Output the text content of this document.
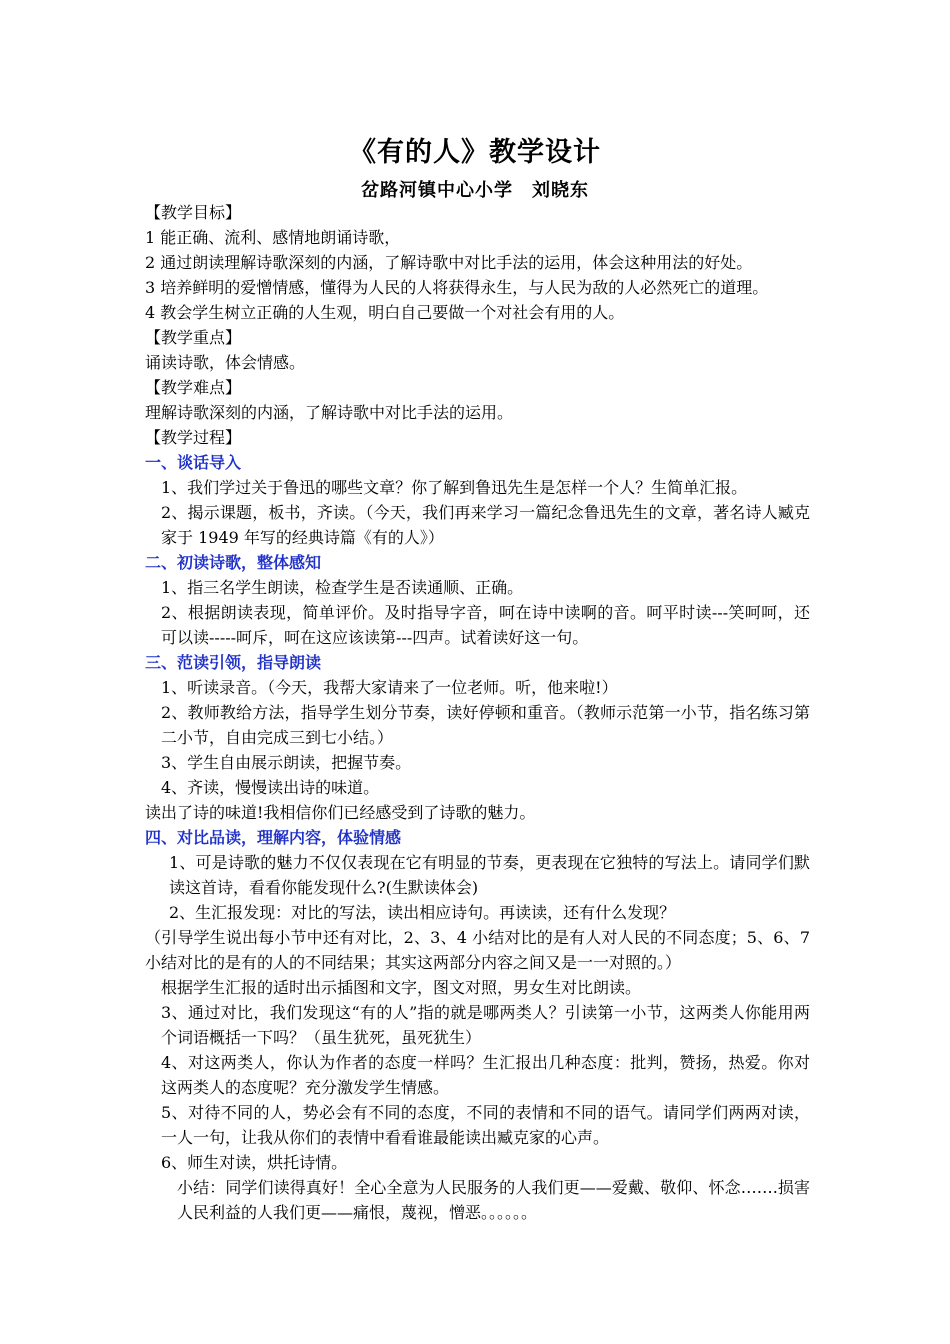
《有的人》教学设计
岔路河镇中心小学　刘晓东
【教学目标】
1 能正确、流利、感情地朗诵诗歌，
2 通过朗读理解诗歌深刻的内涵，了解诗歌中对比手法的运用，体会这种用法的好处。
3 培养鲜明的爱憎情感，懂得为人民的人将获得永生，与人民为敌的人必然死亡的道理。
4 教会学生树立正确的人生观，明白自己要做一个对社会有用的人。
【教学重点】
诵读诗歌，体会情感。
【教学难点】
理解诗歌深刻的内涵，了解诗歌中对比手法的运用。
【教学过程】
一、谈话导入
1、我们学过关于鲁迅的哪些文章？你了解到鲁迅先生是怎样一个人？生简单汇报。
2、揭示课题，板书，齐读。（今天，我们再来学习一篇纪念鲁迅先生的文章，著名诗人臧克家于 1949 年写的经典诗篇《有的人》）
二、初读诗歌，整体感知
1、指三名学生朗读，检查学生是否读通顺、正确。
2、根据朗读表现，简单评价。及时指导字音，呵在诗中读啊的音。呵平时读---笑呵呵，还可以读-----呵斥，呵在这应该读第---四声。试着读好这一句。
三、范读引领，指导朗读
1、听读录音。（今天，我帮大家请来了一位老师。听，他来啦!）
2、教师教给方法，指导学生划分节奏，读好停顿和重音。（教师示范第一小节，指名练习第二小节，自由完成三到七小结。）
3、学生自由展示朗读，把握节奏。
4、齐读，慢慢读出诗的味道。
读出了诗的味道!我相信你们已经感受到了诗歌的魅力。
四、对比品读，理解内容，体验情感
1、可是诗歌的魅力不仅仅表现在它有明显的节奏，更表现在它独特的写法上。请同学们默读这首诗，看看你能发现什么?(生默读体会)
2、生汇报发现：对比的写法，读出相应诗句。再读读，还有什么发现？
（引导学生说出每小节中还有对比，2、3、4 小结对比的是有人对人民的不同态度；5、6、7 小结对比的是有的人的不同结果；其实这两部分内容之间又是一一对照的。）
根据学生汇报的适时出示插图和文字，图文对照，男女生对比朗读。
3、通过对比，我们发现这“有的人”指的就是哪两类人？引读第一小节，这两类人你能用两个词语概括一下吗？（虽生犹死，虽死犹生）
4、对这两类人，你认为作者的态度一样吗？生汇报出几种态度：批判，赞扬，热爱。你对这两类人的态度呢？充分激发学生情感。
5、对待不同的人，势必会有不同的态度，不同的表情和不同的语气。请同学们两两对读，一人一句，让我从你们的表情中看看谁最能读出臧克家的心声。
6、师生对读，烘托诗情。
小结：同学们读得真好！全心全意为人民服务的人我们更——爱戴、敬仰、怀念…….损害人民利益的人我们更——痛恨，蔑视，憎恶。。。。。。
